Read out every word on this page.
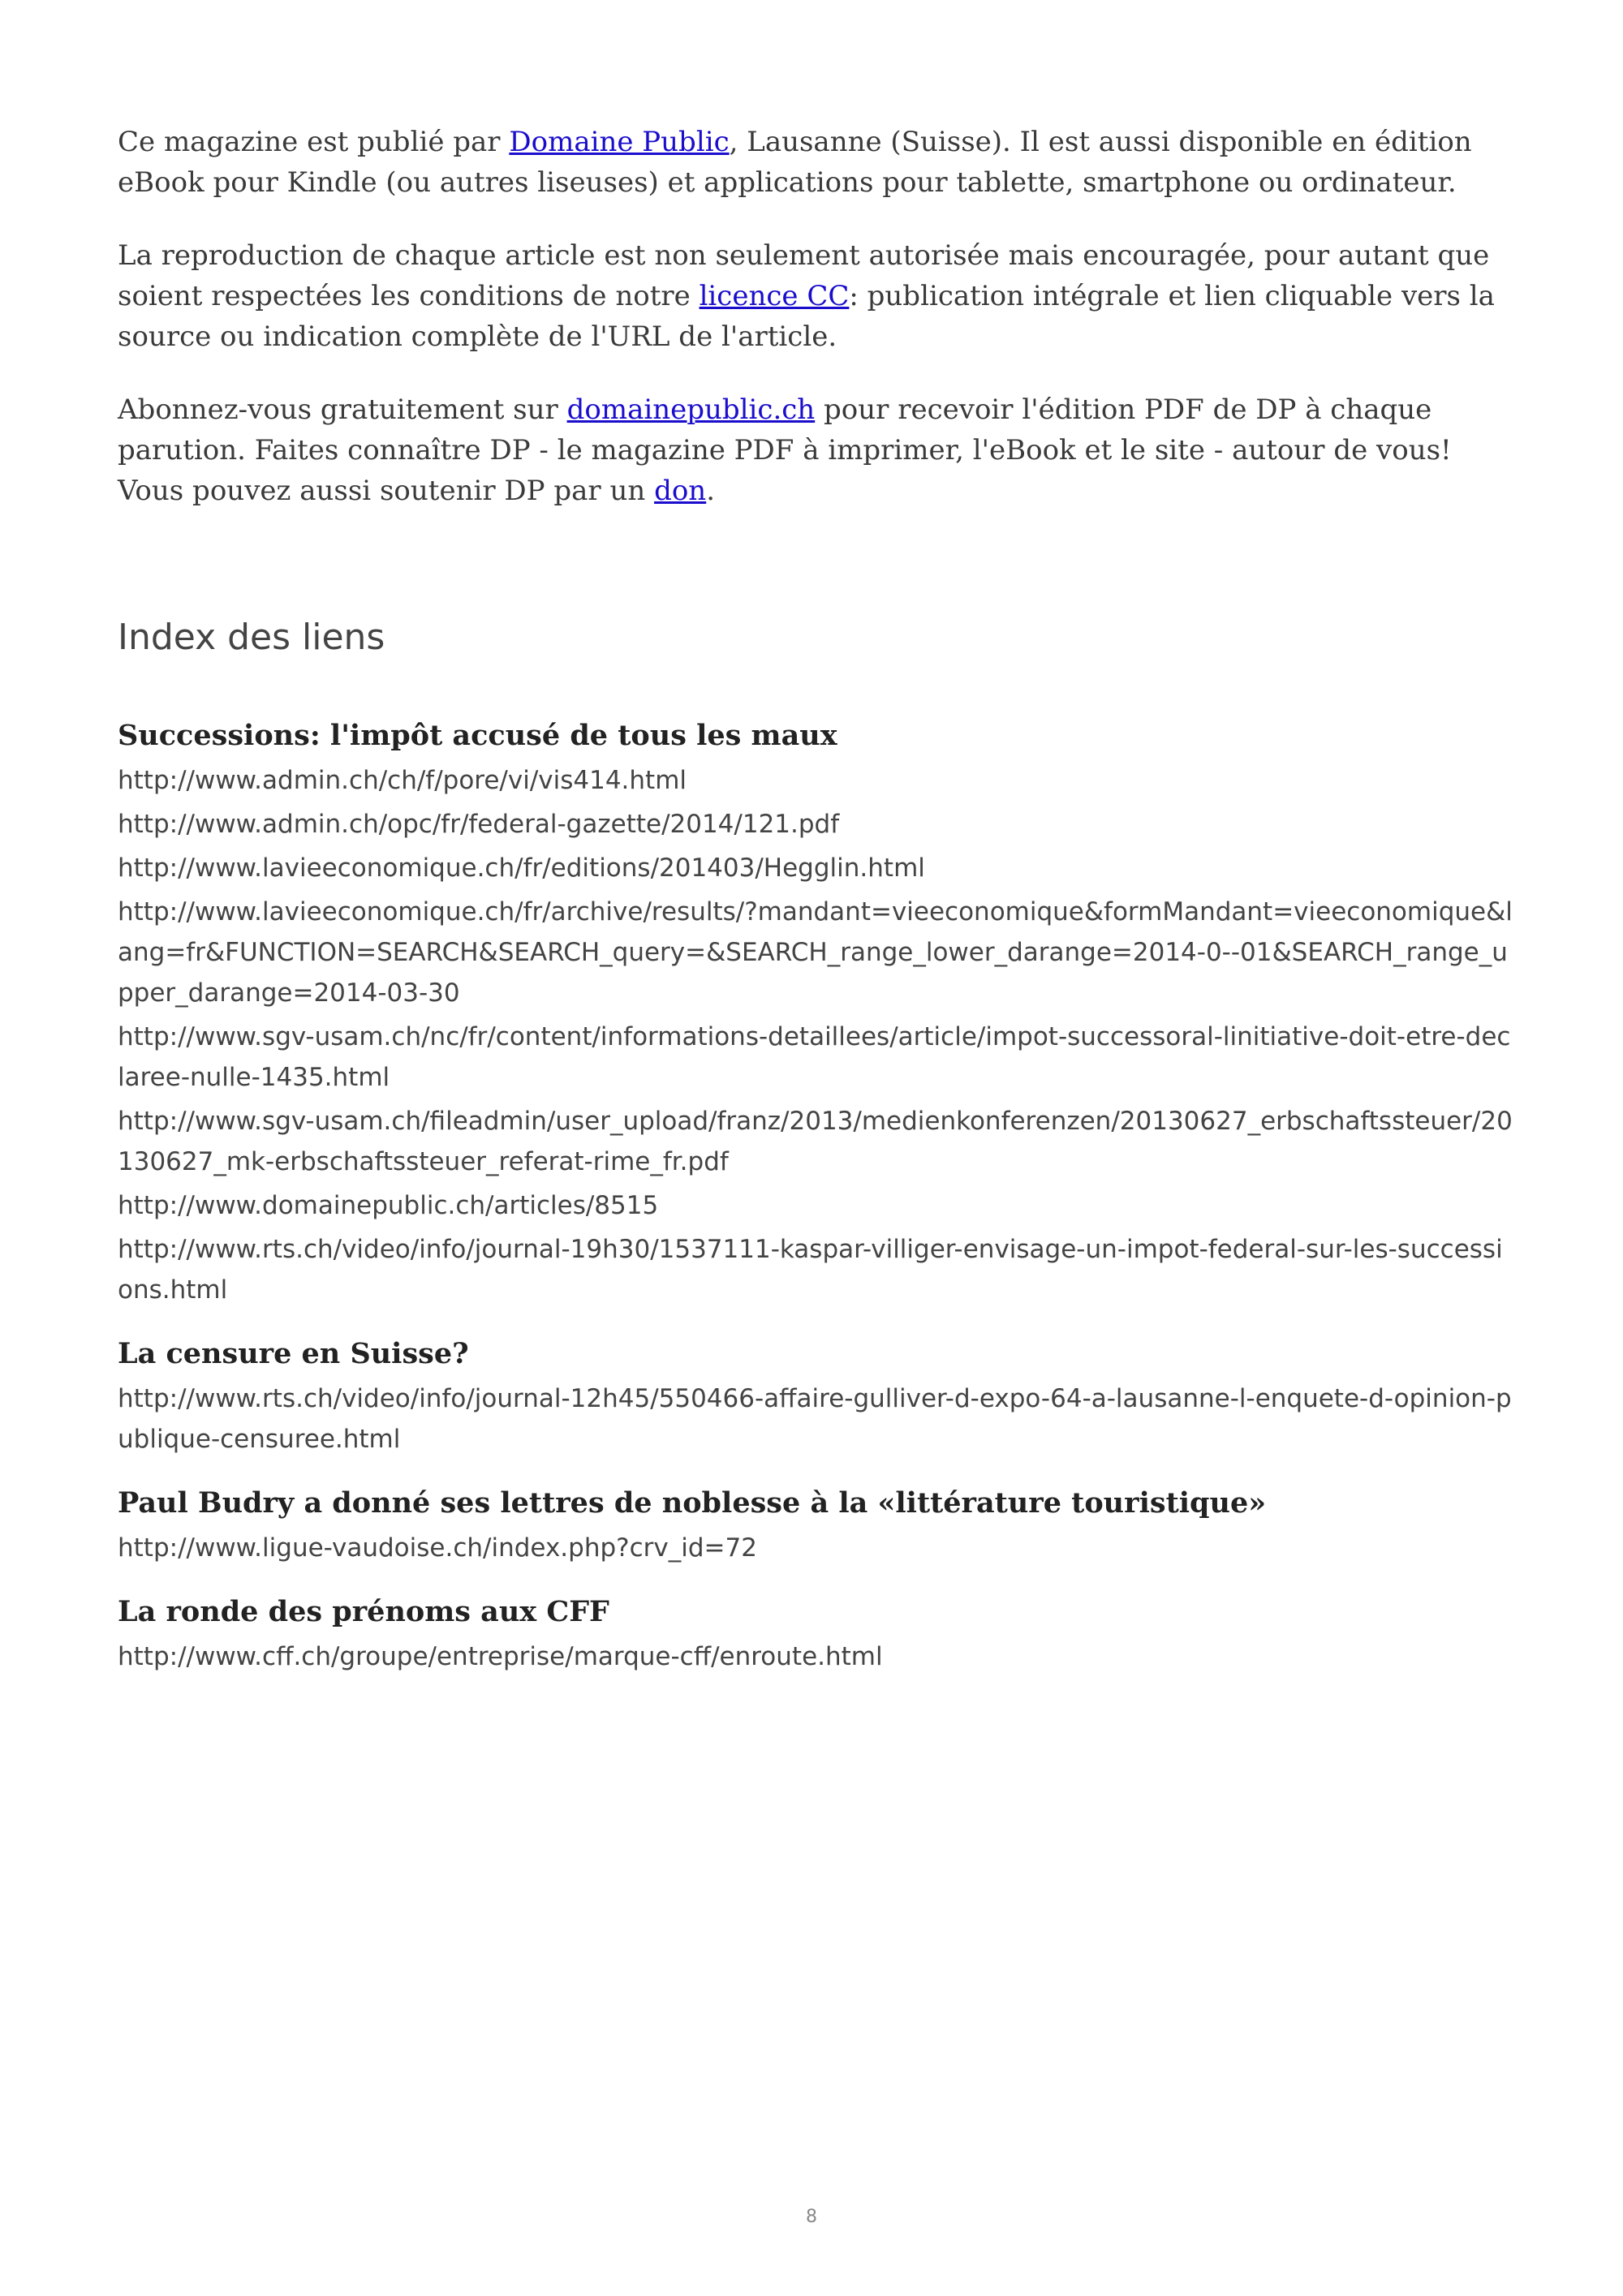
Ce magazine est publié par Domaine Public, Lausanne (Suisse). Il est aussi disponible en édition eBook pour Kindle (ou autres liseuses) et applications pour tablette, smartphone ou ordinateur.

La reproduction de chaque article est non seulement autorisée mais encouragée, pour autant que soient respectées les conditions de notre licence CC: publication intégrale et lien cliquable vers la source ou indication complète de l'URL de l'article.

Abonnez-vous gratuitement sur domainepublic.ch pour recevoir l'édition PDF de DP à chaque parution. Faites connaître DP - le magazine PDF à imprimer, l'eBook et le site - autour de vous! Vous pouvez aussi soutenir DP par un don.

Index des liens
Successions: l'impôt accusé de tous les maux
http://www.admin.ch/ch/f/pore/vi/vis414.html
http://www.admin.ch/opc/fr/federal-gazette/2014/121.pdf
http://www.lavieeconomique.ch/fr/editions/201403/Hegglin.html
http://www.lavieeconomique.ch/fr/archive/results/?mandant=vieeconomique&formMandant=vieeconomique&lang=fr&FUNCTION=SEARCH&SEARCH_query=&SEARCH_range_lower_darange=2014-0--01&SEARCH_range_upper_darange=2014-03-30
http://www.sgv-usam.ch/nc/fr/content/informations-detaillees/article/impot-successoral-linitiative-doit-etre-declaree-nulle-1435.html
http://www.sgv-usam.ch/fileadmin/user_upload/franz/2013/medienkonferenzen/20130627_erbschaftssteuer/20130627_mk-erbschaftssteuer_referat-rime_fr.pdf
http://www.domainepublic.ch/articles/8515
http://www.rts.ch/video/info/journal-19h30/1537111-kaspar-villiger-envisage-un-impot-federal-sur-les-successions.html
La censure en Suisse?
http://www.rts.ch/video/info/journal-12h45/550466-affaire-gulliver-d-expo-64-a-lausanne-l-enquete-d-opinion-publique-censuree.html
Paul Budry a donné ses lettres de noblesse à la «littérature touristique»
http://www.ligue-vaudoise.ch/index.php?crv_id=72
La ronde des prénoms aux CFF
http://www.cff.ch/groupe/entreprise/marque-cff/enroute.html
8
